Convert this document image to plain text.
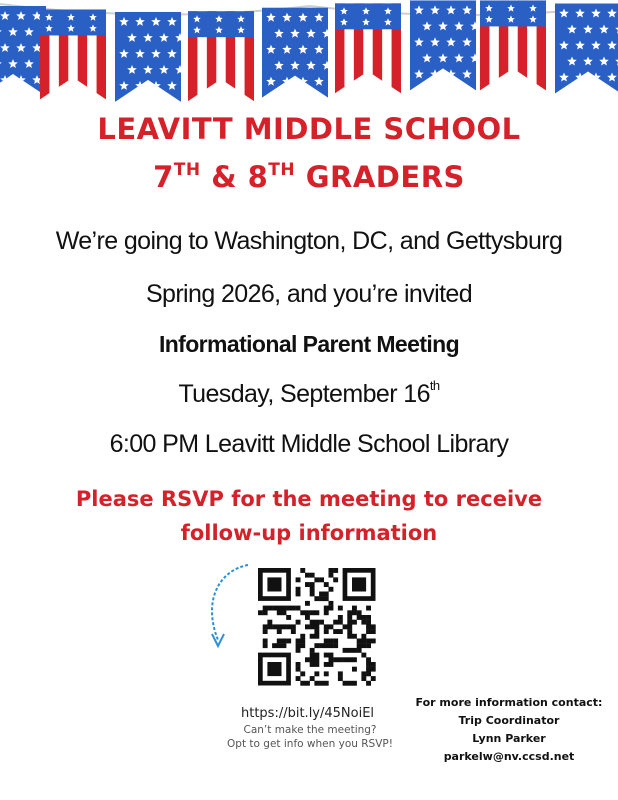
LEAVITT MIDDLE SCHOOL
7TH & 8TH GRADERS
We’re going to Washington, DC, and Gettysburg
Spring 2026, and you’re invited
Informational Parent Meeting
Tuesday, September 16th
6:00 PM Leavitt Middle School Library
Please RSVP for the meeting to receive
follow-up information
https://bit.ly/45NoiEl
Can’t make the meeting?
Opt to get info when you RSVP!
For more information contact:
Trip Coordinator
Lynn Parker
parkelw@nv.ccsd.net
